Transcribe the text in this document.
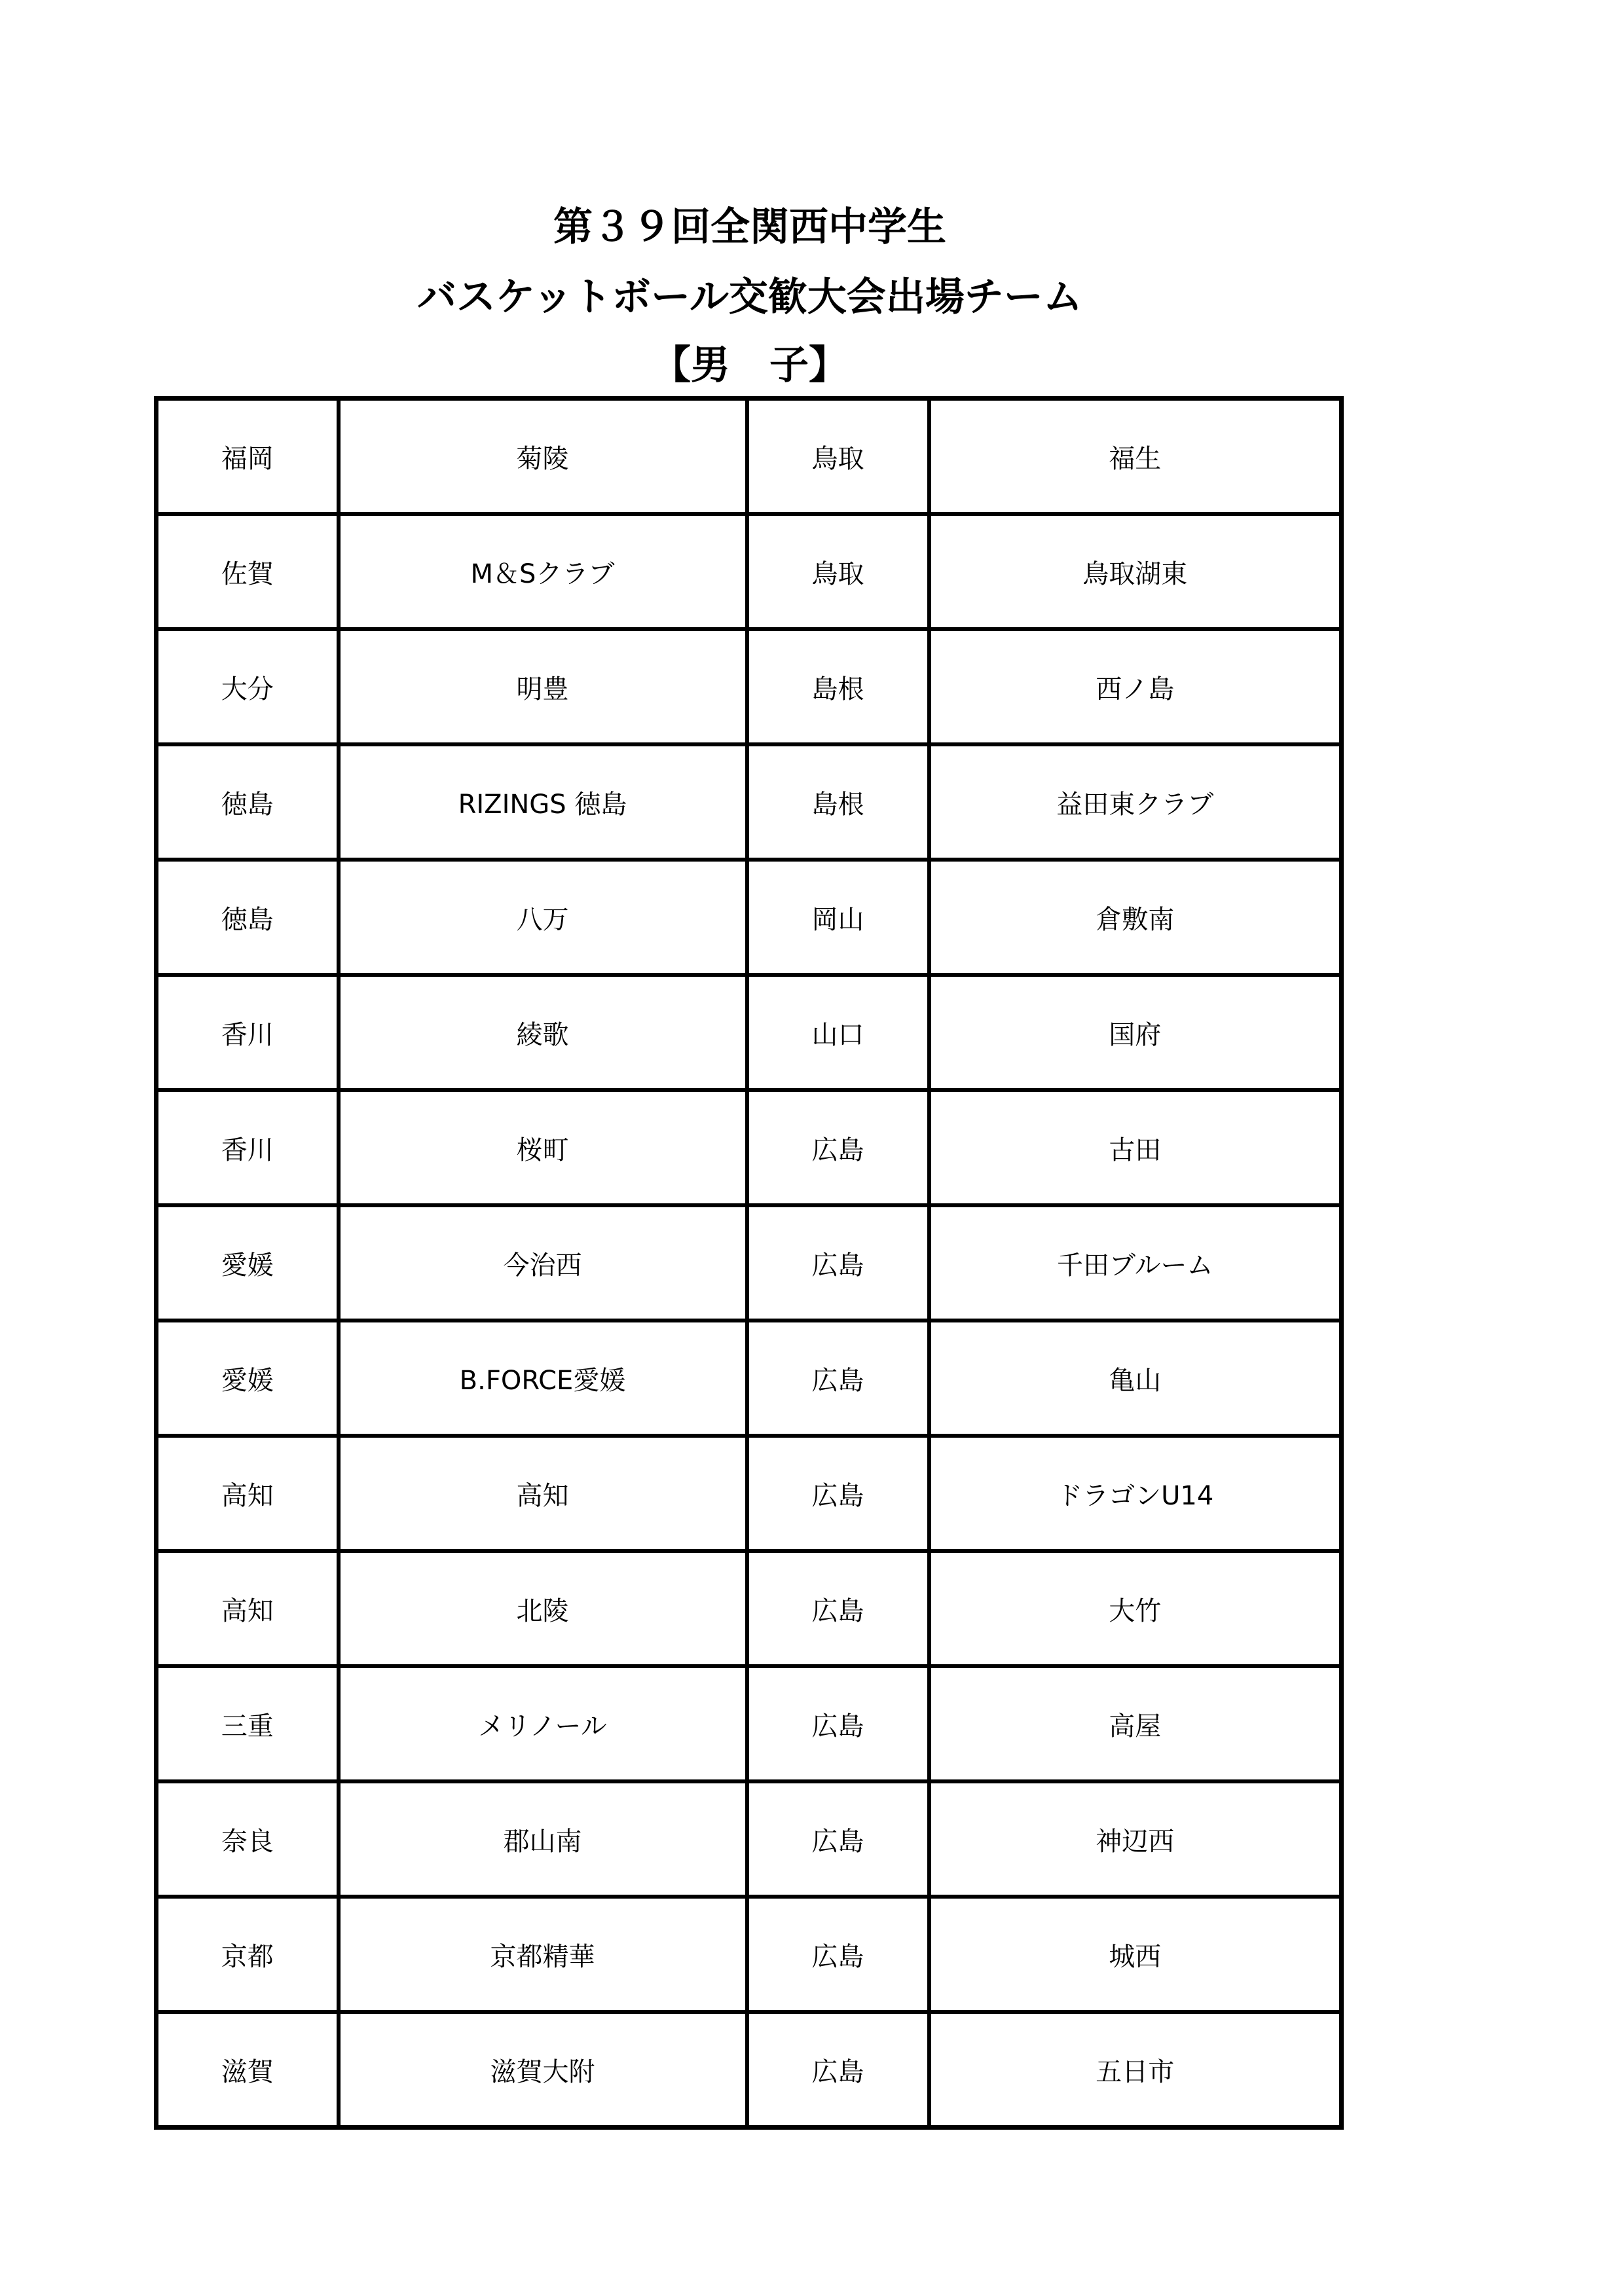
第３９回全関西中学生
バスケットボール交歓大会出場チーム
【男　子】
福岡	菊陵	鳥取	福生
佐賀	M＆Sクラブ	鳥取	鳥取湖東
大分	明豊	島根	西ノ島
徳島	RIZINGS 徳島	島根	益田東クラブ
徳島	八万	岡山	倉敷南
香川	綾歌	山口	国府
香川	桜町	広島	古田
愛媛	今治西	広島	千田ブルーム
愛媛	B.FORCE愛媛	広島	亀山
高知	高知	広島	ドラゴンU14
高知	北陵	広島	大竹
三重	メリノール	広島	高屋
奈良	郡山南	広島	神辺西
京都	京都精華	広島	城西
滋賀	滋賀大附	広島	五日市
